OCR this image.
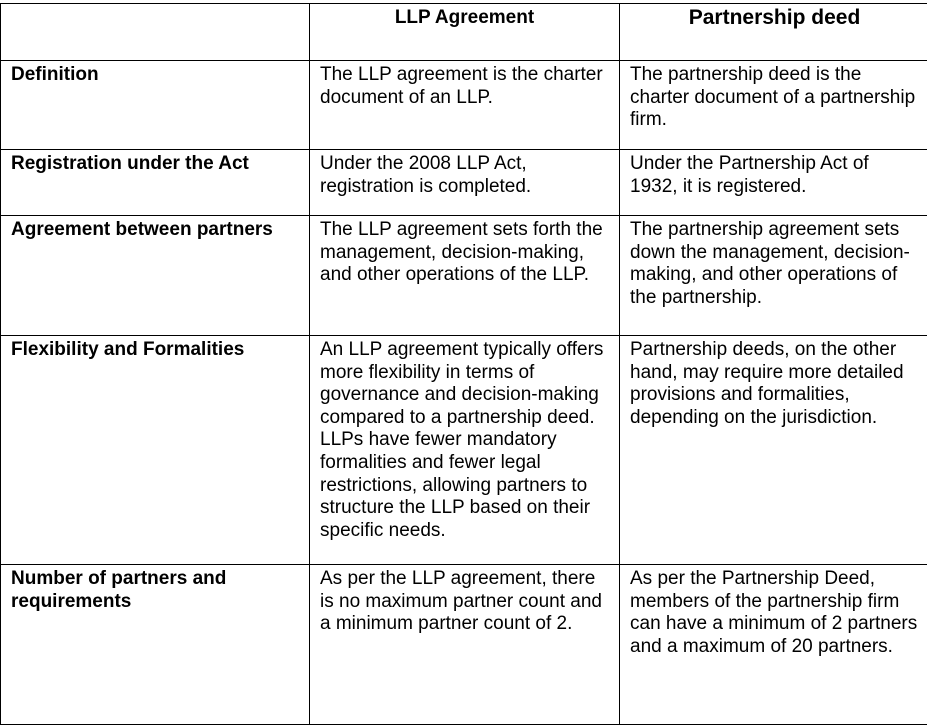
	LLP Agreement	Partnership deed
Definition	The LLP agreement is the charter document of an LLP.	The partnership deed is the charter document of a partnership firm.
Registration under the Act	Under the 2008 LLP Act, registration is completed.	Under the Partnership Act of 1932, it is registered.
Agreement between partners	The LLP agreement sets forth the management, decision-making, and other operations of the LLP.	The partnership agreement sets down the management, decision-making, and other operations of the partnership.
Flexibility and Formalities	An LLP agreement typically offers more flexibility in terms of governance and decision-making compared to a partnership deed. LLPs have fewer mandatory formalities and fewer legal restrictions, allowing partners to structure the LLP based on their specific needs.	Partnership deeds, on the other hand, may require more detailed provisions and formalities, depending on the jurisdiction.
Number of partners and requirements	As per the LLP agreement, there is no maximum partner count and a minimum partner count of 2.	As per the Partnership Deed, members of the partnership firm can have a minimum of 2 partners and a maximum of 20 partners.
